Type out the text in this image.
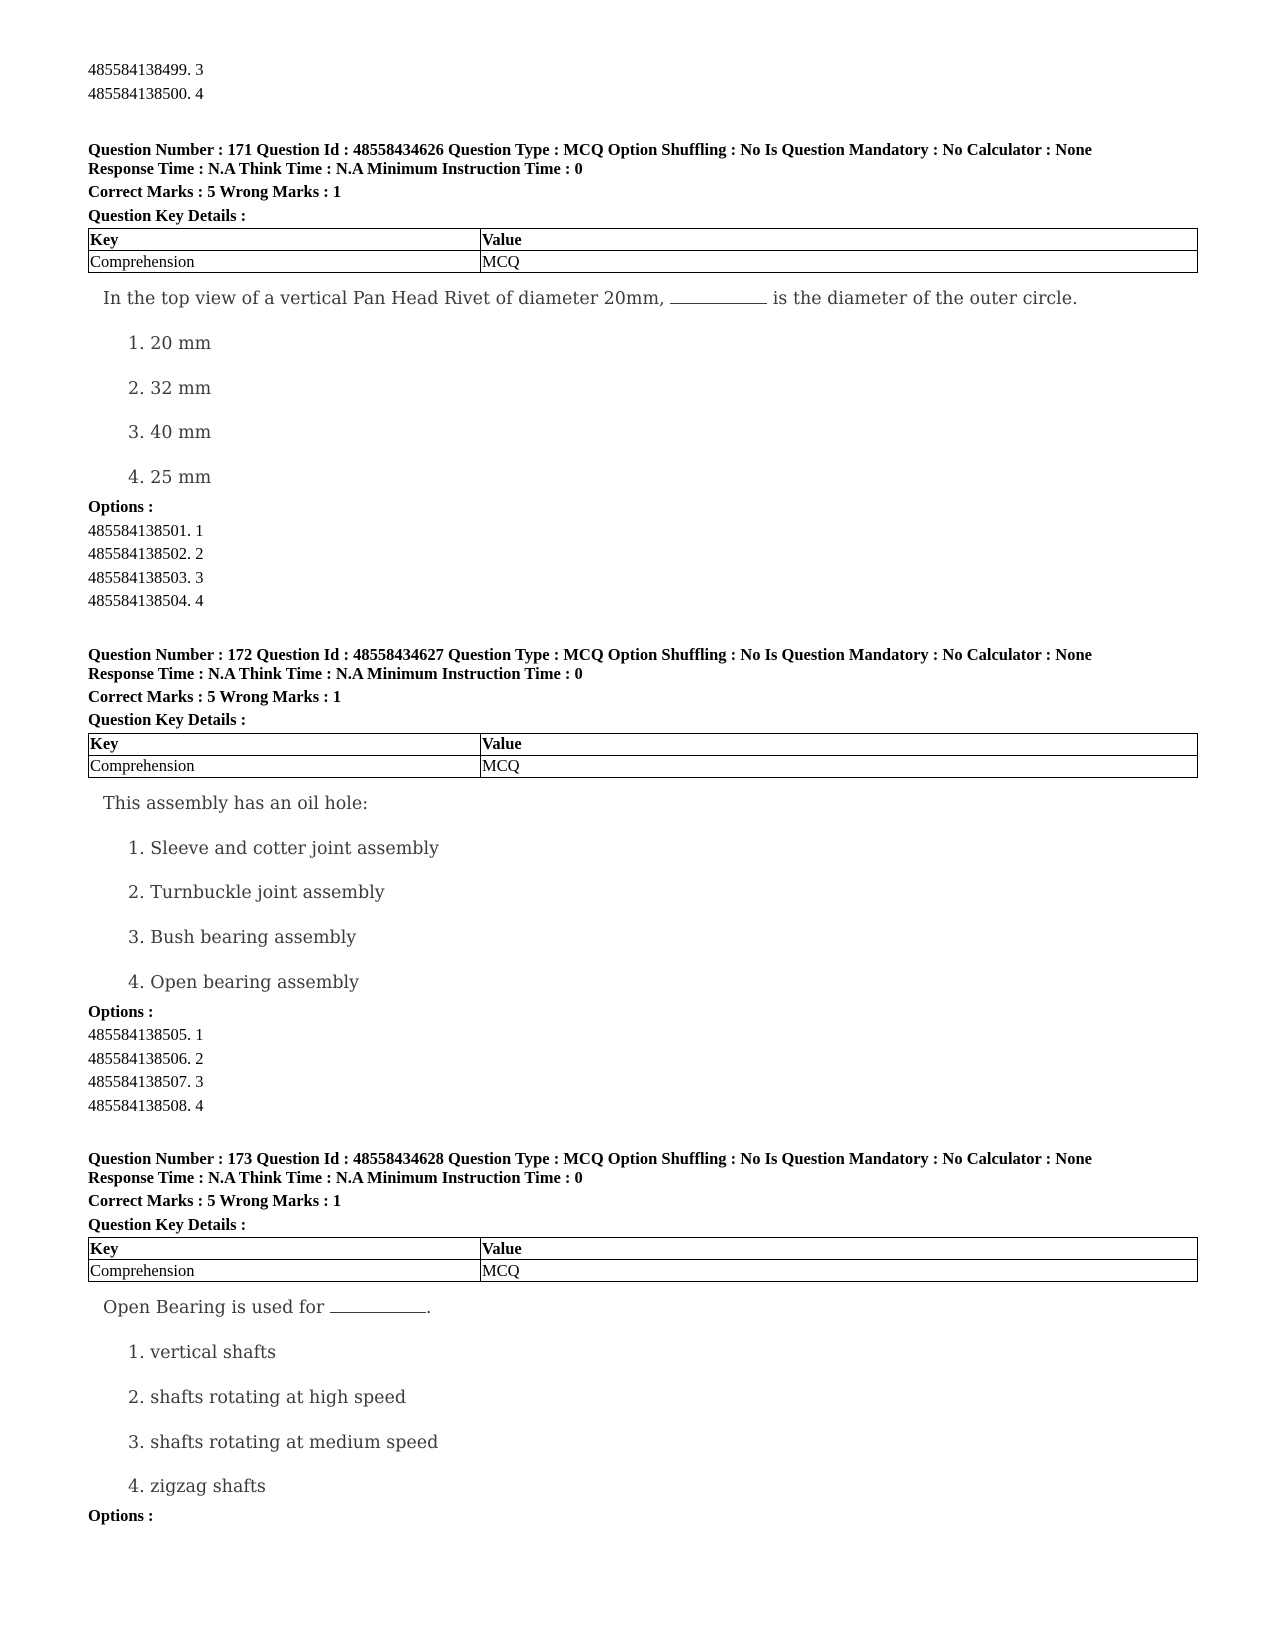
485584138499. 3
485584138500. 4
Question Number : 171 Question Id : 48558434626 Question Type : MCQ Option Shuffling : No Is Question Mandatory : No Calculator : None
Response Time : N.A Think Time : N.A Minimum Instruction Time : 0
Correct Marks : 5 Wrong Marks : 1
Question Key Details :
Key	Value
Comprehension	MCQ
In the top view of a vertical Pan Head Rivet of diameter 20mm,	is the diameter of the outer circle.
1. 20 mm
2. 32 mm
3. 40 mm
4. 25 mm
Options :
485584138501. 1
485584138502. 2
485584138503. 3
485584138504. 4
Question Number : 172 Question Id : 48558434627 Question Type : MCQ Option Shuffling : No Is Question Mandatory : No Calculator : None
Response Time : N.A Think Time : N.A Minimum Instruction Time : 0
Correct Marks : 5 Wrong Marks : 1
Question Key Details :
Key	Value
Comprehension	MCQ
This assembly has an oil hole:
1. Sleeve and cotter joint assembly
2. Turnbuckle joint assembly
3. Bush bearing assembly
4. Open bearing assembly
Options :
485584138505. 1
485584138506. 2
485584138507. 3
485584138508. 4
Question Number : 173 Question Id : 48558434628 Question Type : MCQ Option Shuffling : No Is Question Mandatory : No Calculator : None
Response Time : N.A Think Time : N.A Minimum Instruction Time : 0
Correct Marks : 5 Wrong Marks : 1
Question Key Details :
Key	Value
Comprehension	MCQ
Open Bearing is used for	.
1. vertical shafts
2. shafts rotating at high speed
3. shafts rotating at medium speed
4. zigzag shafts
Options :
